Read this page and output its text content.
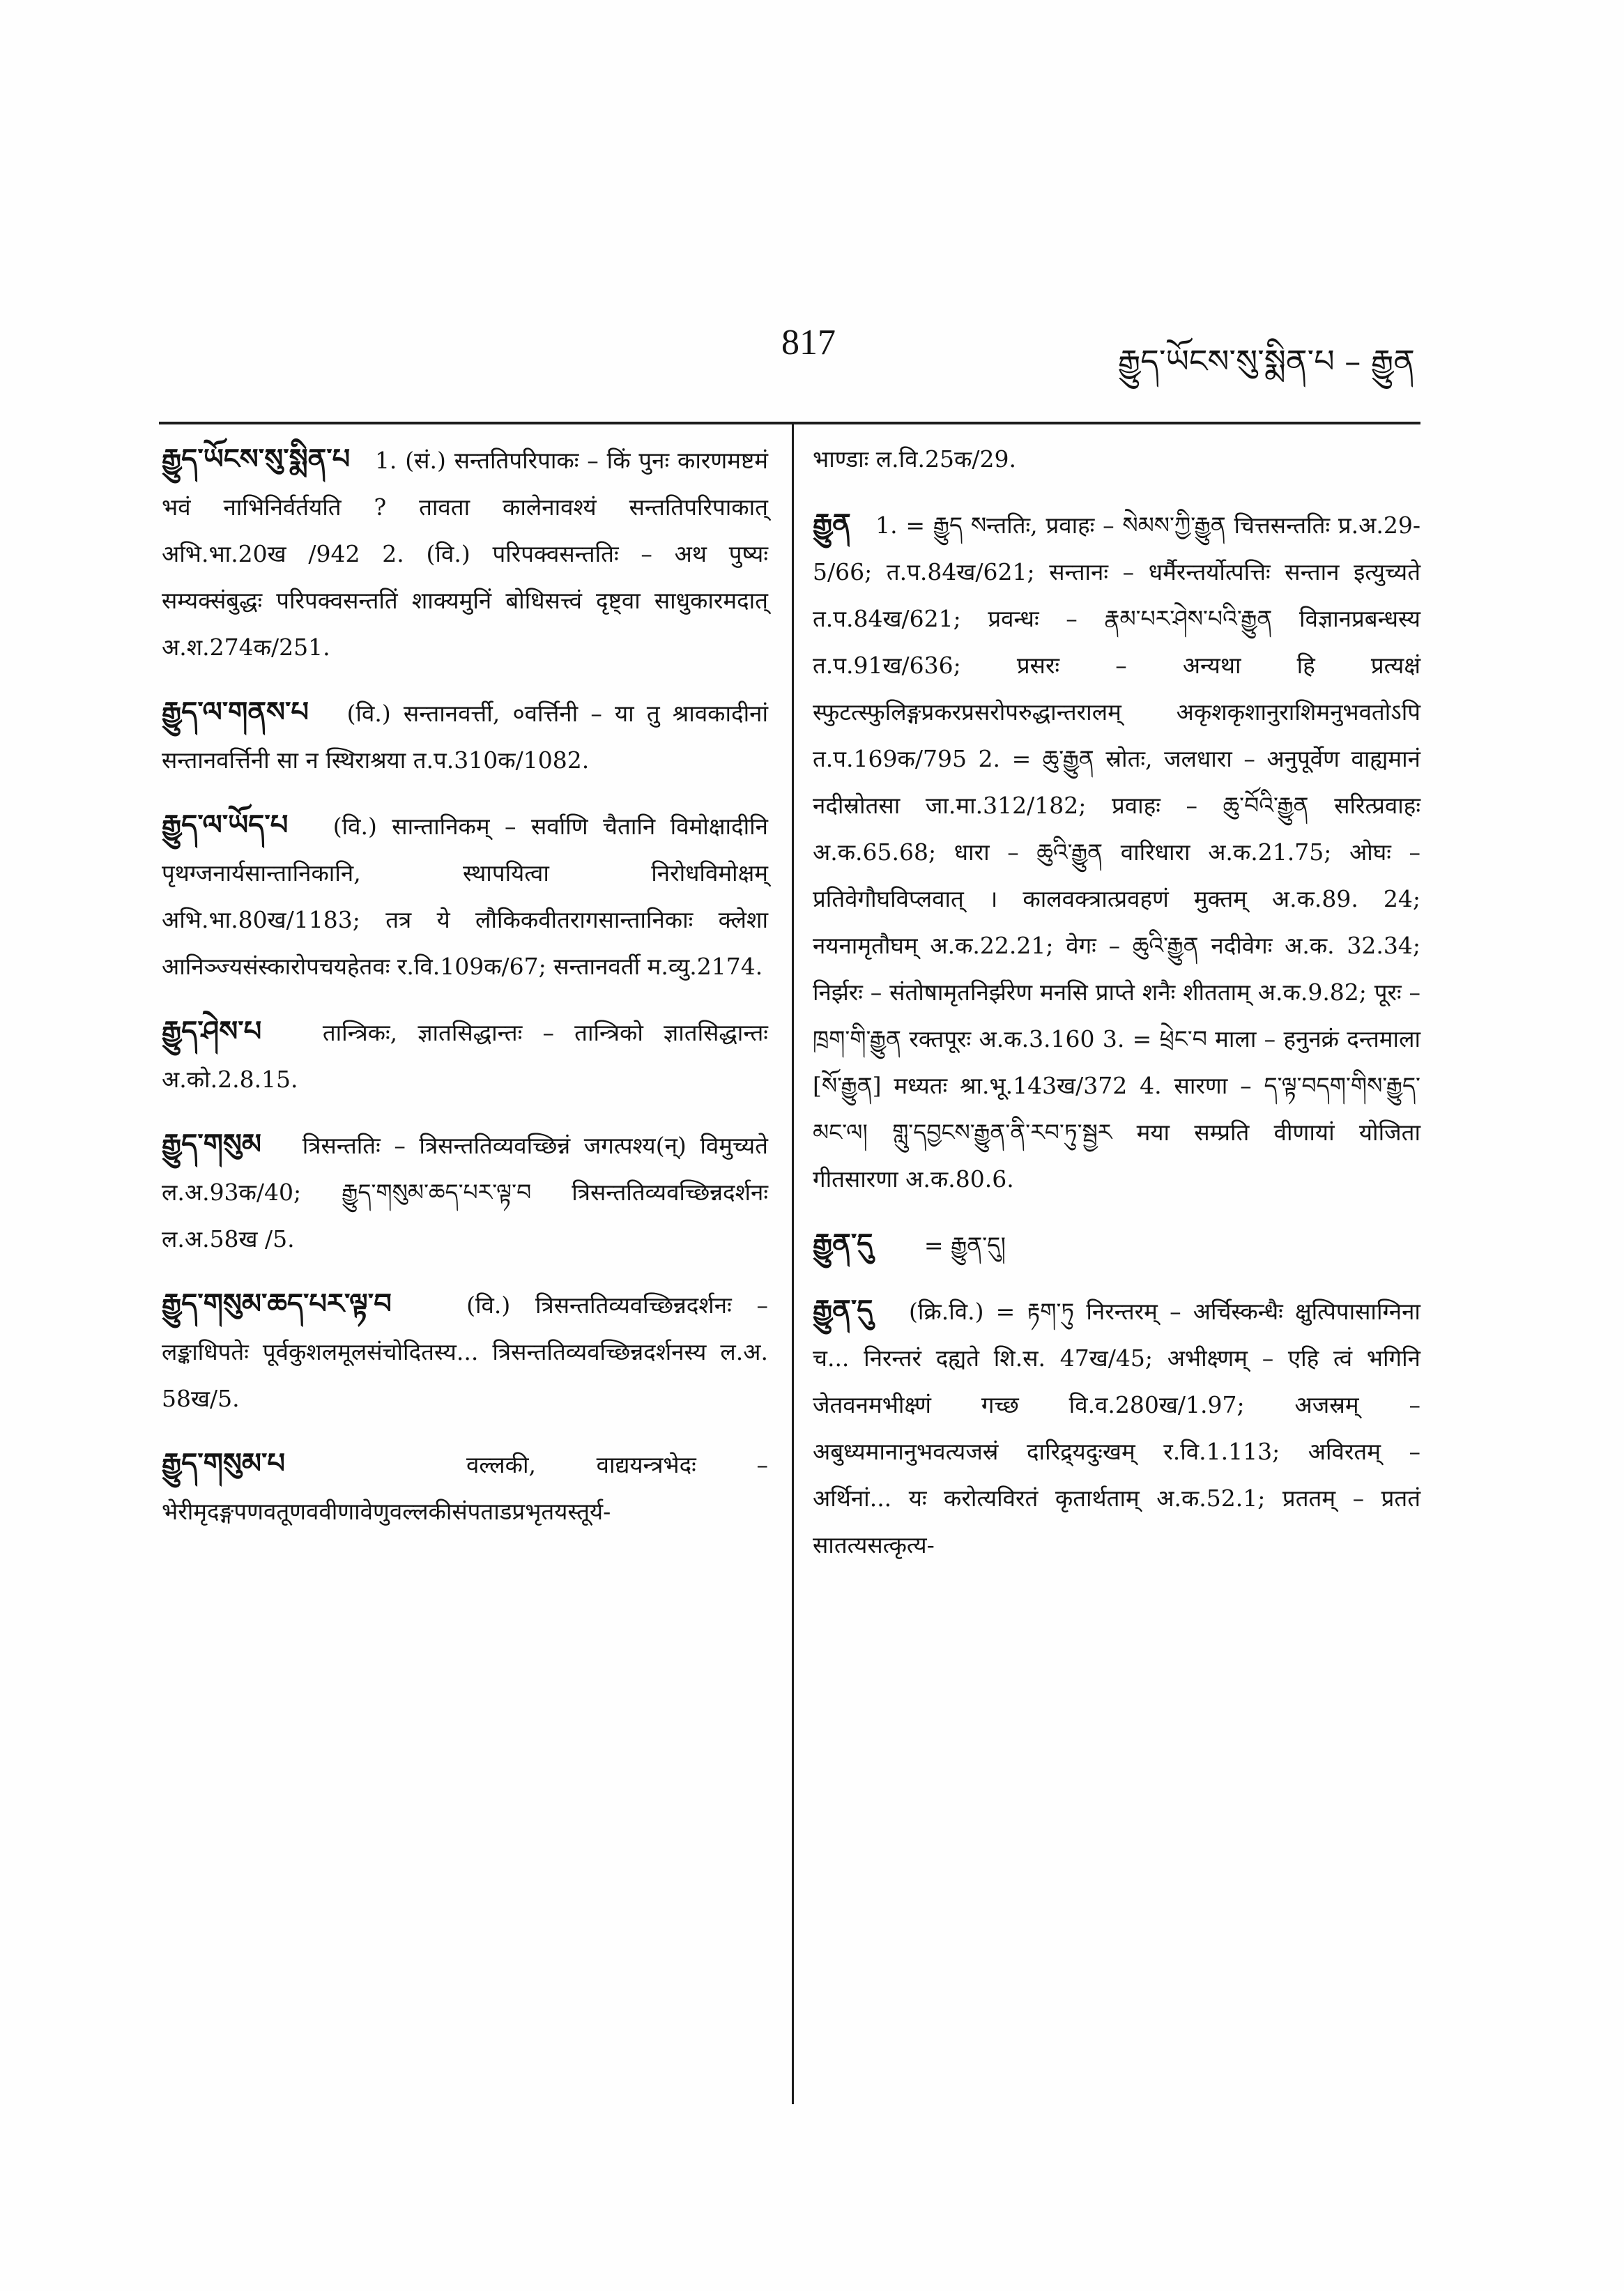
817	རྒྱུད་ཡོངས་སུ་སྨིན་པ – རྒྱུན

རྒྱུད་ཡོངས་སུ་སྨིན་པ 1. (सं.) सन्ततिपरिपाकः – किं पुनः कारणमष्टमं भवं नाभिनिर्वर्तयति ? तावता कालेनावश्यं सन्ततिपरिपाकात् अभि.भा.20ख /942 2. (वि.) परिपक्वसन्ततिः – अथ पुष्यः सम्यक्संबुद्धः परिपक्वसन्ततिं शाक्यमुनिं बोधिसत्त्वं दृष्ट्वा साधुकारमदात् अ.श.274क/251.

རྒྱུད་ལ་གནས་པ (वि.) सन्तानवर्त्ती, ०वर्त्तिनी – या तु श्रावकादीनां सन्तानवर्त्तिनी सा न स्थिराश्रया त.प.310क/1082.

རྒྱུད་ལ་ཡོད་པ (वि.) सान्तानिकम् – सर्वाणि चैतानि विमोक्षादीनि पृथग्जनार्यसान्तानिकानि, स्थापयित्वा निरोधविमोक्षम् अभि.भा.80ख/1183; तत्र ये लौकिकवीतरागसान्तानिकाः क्लेशा आनिञ्ज्यसंस्कारोपचयहेतवः र.वि.109क/67; सन्तानवर्ती म.व्यु.2174.

རྒྱུད་ཤེས་པ	तान्त्रिकः, ज्ञातसिद्धान्तः – तान्त्रिको ज्ञातसिद्धान्तः अ.को.2.8.15.

རྒྱུད་གསུམ त्रिसन्ततिः – त्रिसन्ततिव्यवच्छिन्नं जगत्पश्य(न्) विमुच्यते ल.अ.93क/40; རྒྱུད་གསུམ་ཆད་པར་ལྟ་བ त्रिसन्ततिव्यवच्छिन्नदर्शनः ल.अ.58ख /5.

རྒྱུད་གསུམ་ཆད་པར་ལྟ་བ	(वि.) त्रिसन्ततिव्यवच्छिन्नदर्शनः – लङ्काधिपतेः पूर्वकुशलमूलसंचोदितस्य... त्रिसन्ततिव्यवच्छिन्नदर्शनस्य ल.अ. 58ख/5.

རྒྱུད་གསུམ་པ	वल्लकी, वाद्ययन्त्रभेदः – भेरीमृदङ्गपणवतूणववीणावेणुवल्लकीसंपताडप्रभृतयस्तूर्य-

भाण्डाः ल.वि.25क/29.

རྒྱུན 1. = རྒྱུད སन्ततिः, प्रवाहः – སེམས་ཀྱི་རྒྱུན चित्तसन्ततिः प्र.अ.29-5/66; त.प.84ख/621; सन्तानः – धर्मैरन्तर्योत्पत्तिः सन्तान इत्युच्यते त.प.84ख/621; प्रवन्धः – རྣམ་པར་ཤེས་པའི་རྒྱུན विज्ञानप्रबन्धस्य त.प.91ख/636; प्रसरः – अन्यथा हि प्रत्यक्षं स्फुटत्स्फुलिङ्गप्रकरप्रसरोपरुद्धान्तरालम् अकृशकृशानुराशिमनुभवतोऽपि त.प.169क/795 2. = ཆུ་རྒྱུན स्रोतः, जलधारा – अनुपूर्वेण वाह्यमानं नदीस्रोतसा जा.मा.312/182; प्रवाहः – ཆུ་བོའི་རྒྱུན सरित्प्रवाहः अ.क.65.68; धारा – ཆུའི་རྒྱུན वारिधारा अ.क.21.75; ओघः – प्रतिवेगौघविप्लवात् । कालवक्त्रात्प्रवहणं मुक्तम् अ.क.89. 24; नयनामृतौघम् अ.क.22.21; वेगः – ཆུའི་རྒྱུན नदीवेगः अ.क. 32.34; निर्झरः – संतोषामृतनिर्झरेण मनसि प्राप्ते शनैः शीतताम् अ.क.9.82; पूरः – ཁྲག་གི་རྒྱུན रक्तपूरः अ.क.3.160 3. = ཕྲེང་བ माला – हनुनक्रं दन्तमाला [སོ་རྒྱུན] मध्यतः श्रा.भू.143ख/372 4. सारणा – ད་ལྟ་བདག་གིས་རྒྱུད་མང་ལ། གླུ་དབྱངས་རྒྱུན་ནི་རབ་ཏུ་སྦྱར मया सम्प्रति वीणायां योजिता गीतसारणा अ.क.80.6.

རྒྱུན་དུ = རྒྱུན་དུ།

རྒྱུན་དུ (क्रि.वि.) = རྟག་ཏུ निरन्तरम् – अर्चिस्कन्धैः क्षुत्पिपासाग्निना च... निरन्तरं दह्यते शि.स. 47ख/45; अभीक्ष्णम् – एहि त्वं भगिनि जेतवनमभीक्ष्णं गच्छ वि.व.280ख/1.97; अजस्रम् – अबुध्यमानानुभवत्यजस्रं दारिद्र्यदुःखम् र.वि.1.113; अविरतम् – अर्थिनां... यः करोत्यविरतं कृतार्थताम् अ.क.52.1; प्रततम् – प्रततं सातत्यसत्कृत्य-
